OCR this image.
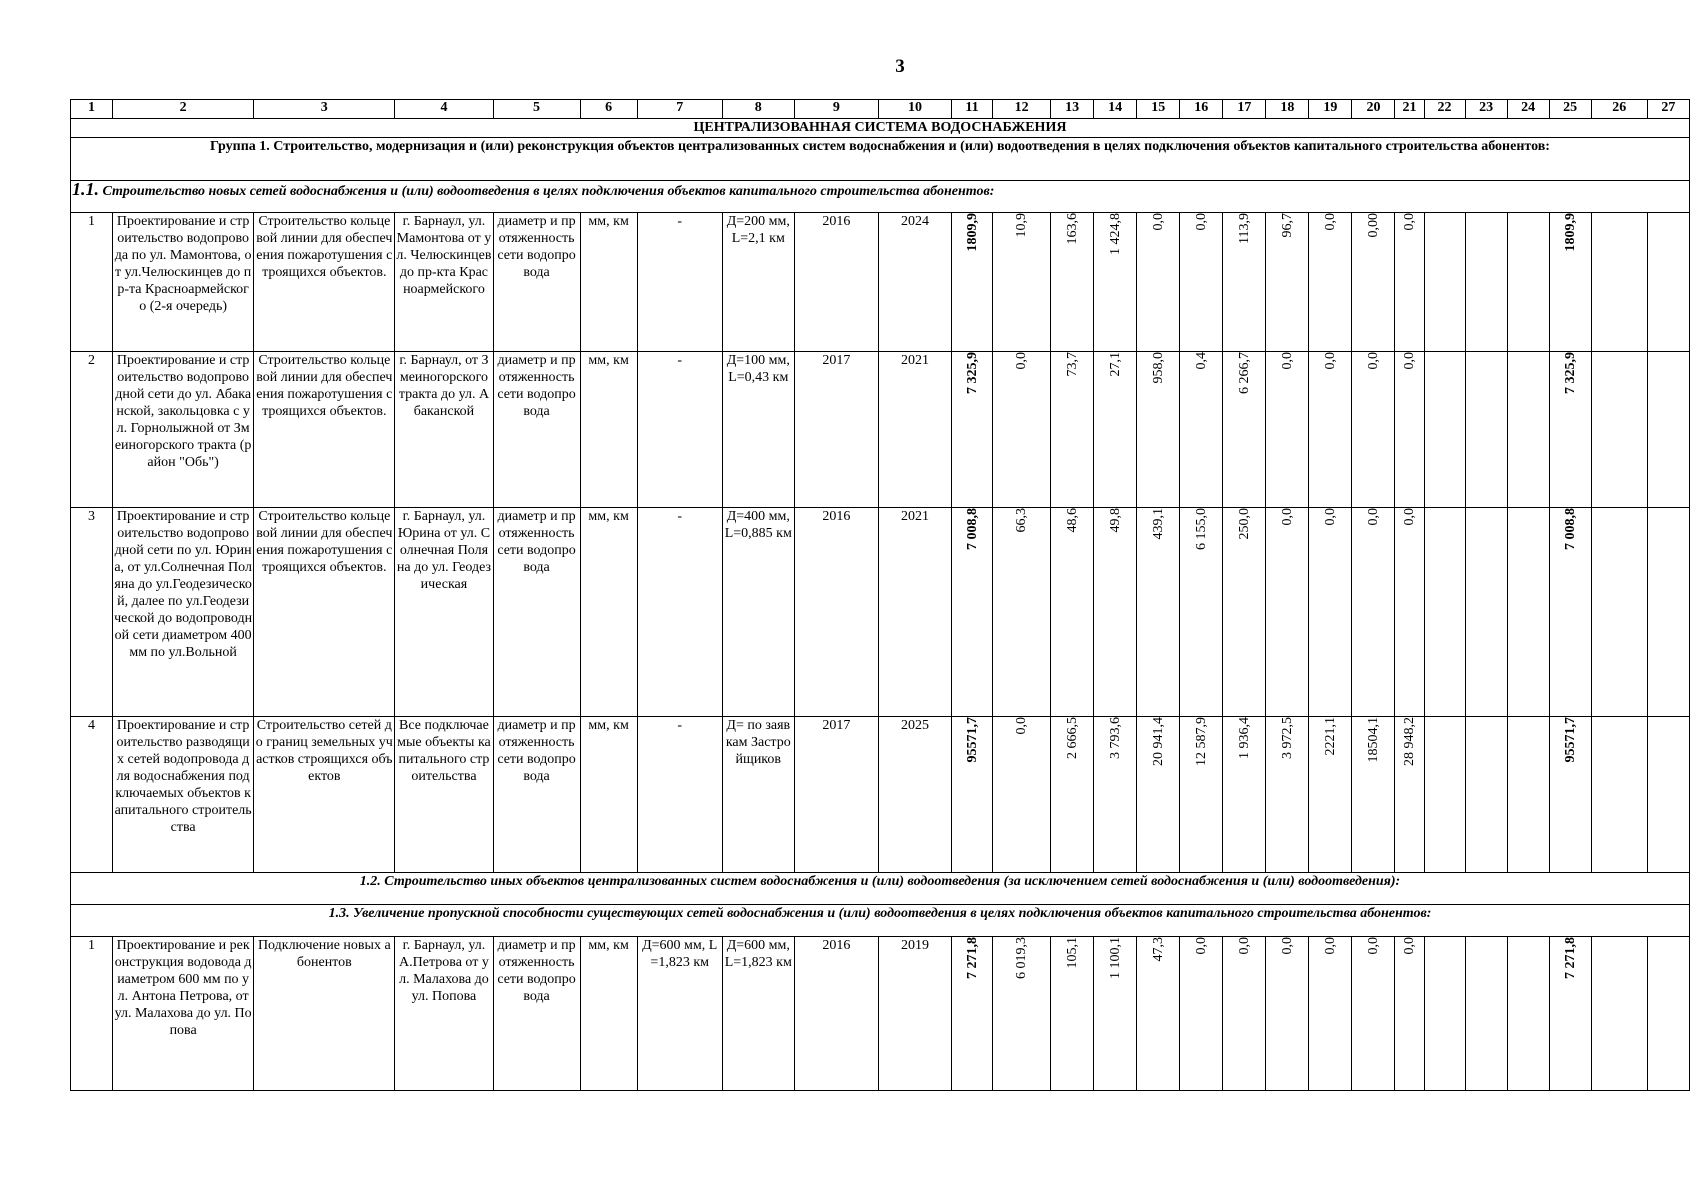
3
1	2	3	4	5	6	7	8	9	10	11	12	13	14	15	16	17	18	19	20	21	22	23	24	25	26	27
ЦЕНТРАЛИЗОВАННАЯ СИСТЕМА ВОДОСНАБЖЕНИЯ																										
Группа 1. Строительство, модернизация и (или) реконструкция объектов централизованных систем водоснабжения и (или) водоотведения в целях подключения объектов капитального строительства абонентов:																										
1.1. Строительство новых сетей водоснабжения и (или) водоотведения в целях подключения объектов капитального строительства абонентов:																										
1	Проектирование и строительство водопровода по ул. Мамонтова, от ул.Челюскинцев до пр-та Красноармейского (2-я очередь)	Строительство кольцевой линии для обеспечения пожаротушения строящихся объектов.	г. Барнаул, ул. Мамонтова от ул. Челюскинцев до пр-кта Красноармейского	диаметр и протяженность сети водопровода	мм, км	-	Д=200 мм, L=2,1 км	2016	2024	1809,9	10,9	163,6	1 424,8	0,0	0,0	113,9	96,7	0,0	0,00	0,0				1809,9		
2	Проектирование и строительство водопроводной сети до ул. Абаканской, закольцовка с ул. Горнолыжной от Змеиногорского тракта (район "Обь")	Строительство кольцевой линии для обеспечения пожаротушения строящихся объектов.	г. Барнаул, от Змеиногорского тракта до ул. Абаканской	диаметр и протяженность сети водопровода	мм, км	-	Д=100 мм, L=0,43 км	2017	2021	7 325,9	0,0	73,7	27,1	958,0	0,4	6 266,7	0,0	0,0	0,0	0,0				7 325,9		
3	Проектирование и строительство водопроводной сети по ул. Юрина, от ул.Солнечная Поляна до ул.Геодезической, далее по ул.Геодезической до водопроводной сети диаметром 400 мм по ул.Вольной	Строительство кольцевой линии для обеспечения пожаротушения строящихся объектов.	г. Барнаул, ул. Юрина от ул. Солнечная Поляна до ул. Геодезическая	диаметр и протяженность сети водопровода	мм, км	-	Д=400 мм, L=0,885 км	2016	2021	7 008,8	66,3	48,6	49,8	439,1	6 155,0	250,0	0,0	0,0	0,0	0,0				7 008,8		
4	Проектирование и строительство разводящих сетей водопровода для водоснабжения подключаемых объектов капитального строительства	Строительство сетей до границ земельных участков строящихся объектов	Все подключаемые объекты капитального строительства	диаметр и протяженность сети водопровода	мм, км	-	Д= по заявкам Застройщиков	2017	2025	95571,7	0,0	2 666,5	3 793,6	20 941,4	12 587,9	1 936,4	3 972,5	2221,1	18504,1	28 948,2				95571,7		
1.2. Строительство иных объектов централизованных систем водоснабжения и (или) водоотведения (за исключением сетей водоснабжения и (или) водоотведения):																										
1.3. Увеличение пропускной способности существующих сетей водоснабжения и (или) водоотведения в целях подключения объектов капитального строительства абонентов:																										
1	Проектирование и реконструкция водовода диаметром 600 мм по ул. Антона Петрова, от ул. Малахова до ул. Попова	Подключение новых абонентов	г. Барнаул, ул. А.Петрова от ул. Малахова до ул. Попова	диаметр и протяженность сети водопровода	мм, км	Д=600 мм, L=1,823 км	Д=600 мм, L=1,823 км	2016	2019	7 271,8	6 019,3	105,1	1 100,1	47,3	0,0	0,0	0,0	0,0	0,0	0,0				7 271,8		
